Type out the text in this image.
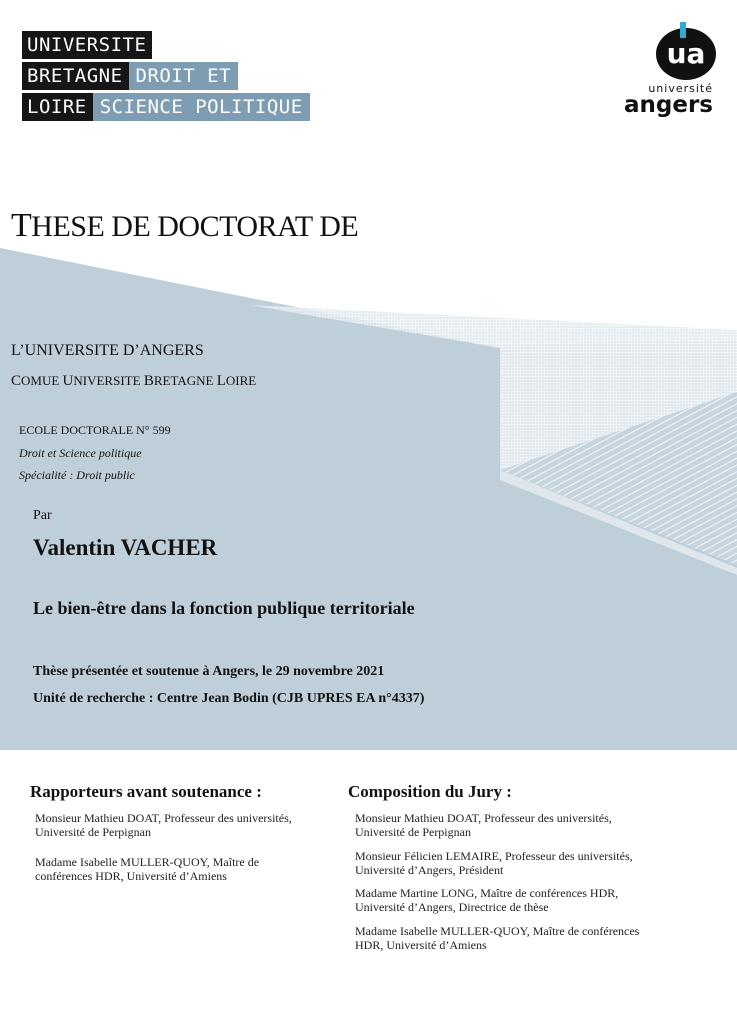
UNIVERSITE
BRETAGNE DROIT ET
LOIRE SCIENCE POLITIQUE
ua
université
angers
THESE DE DOCTORAT DE
L’UNIVERSITE D’ANGERS
COMUE UNIVERSITE BRETAGNE LOIRE
ECOLE DOCTORALE N° 599
Droit et Science politique
Spécialité : Droit public
Par
Valentin VACHER
Le bien-être dans la fonction publique territoriale
Thèse présentée et soutenue à Angers, le 29 novembre 2021
Unité de recherche : Centre Jean Bodin (CJB UPRES EA n°4337)
Rapporteurs avant soutenance :
Monsieur Mathieu DOAT, Professeur des universités,
Université de Perpignan
Madame Isabelle MULLER-QUOY, Maître de
conférences HDR, Université d’Amiens
Composition du Jury :
Monsieur Mathieu DOAT, Professeur des universités,
Université de Perpignan
Monsieur Félicien LEMAIRE, Professeur des universités,
Université d’Angers, Président
Madame Martine LONG, Maître de conférences HDR,
Université d’Angers, Directrice de thèse
Madame Isabelle MULLER-QUOY, Maître de conférences
HDR, Université d’Amiens
